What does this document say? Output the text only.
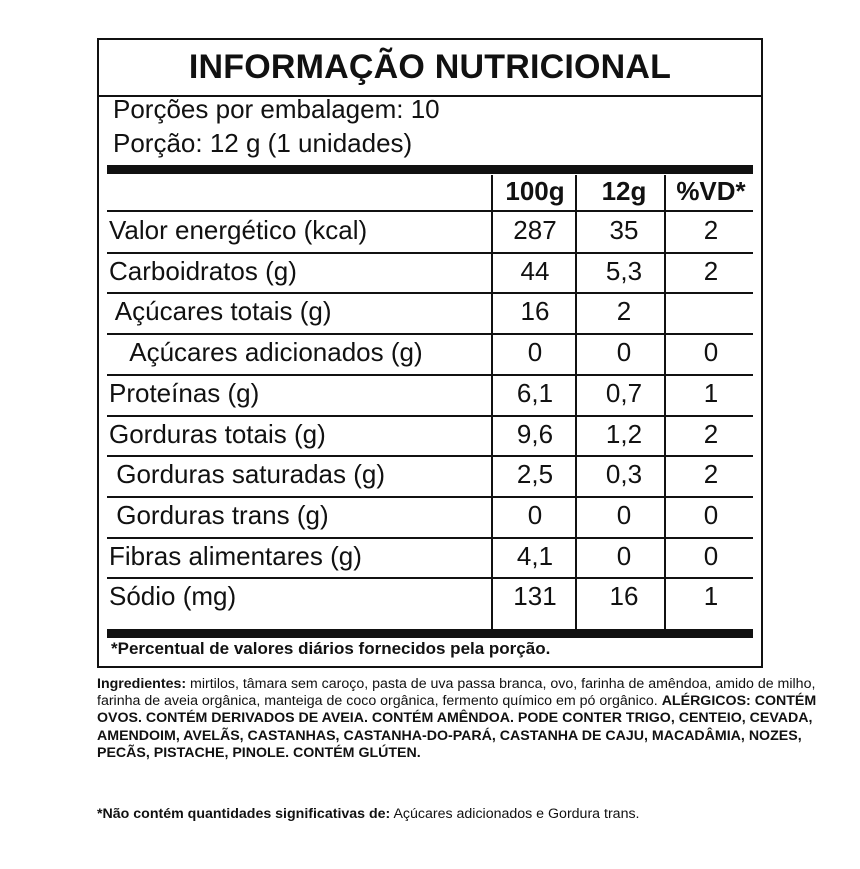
INFORMAÇÃO NUTRICIONAL
Porções por embalagem: 10
Porção: 12 g (1 unidades)
100g	12g	%VD*
Valor energético (kcal)	287	35	2
Carboidratos (g)	44	5,3	2
Açúcares totais (g)	16	2
Açúcares adicionados (g)	0	0	0
Proteínas (g)	6,1	0,7	1
Gorduras totais (g)	9,6	1,2	2
Gorduras saturadas (g)	2,5	0,3	2
Gorduras trans (g)	0	0	0
Fibras alimentares (g)	4,1	0	0
Sódio (mg)	131	16	1
*Percentual de valores diários fornecidos pela porção.
Ingredientes: mirtilos, tâmara sem caroço, pasta de uva passa branca, ovo, farinha de amêndoa, amido de milho, farinha de aveia orgânica, manteiga de coco orgânica, fermento químico em pó orgânico. ALÉRGICOS: CONTÉM OVOS. CONTÉM DERIVADOS DE AVEIA. CONTÉM AMÊNDOA. PODE CONTER TRIGO, CENTEIO, CEVADA, AMENDOIM, AVELÃS, CASTANHAS, CASTANHA-DO-PARÁ, CASTANHA DE CAJU, MACADÂMIA, NOZES, PECÃS, PISTACHE, PINOLE. CONTÉM GLÚTEN.
*Não contém quantidades significativas de: Açúcares adicionados e Gordura trans.
